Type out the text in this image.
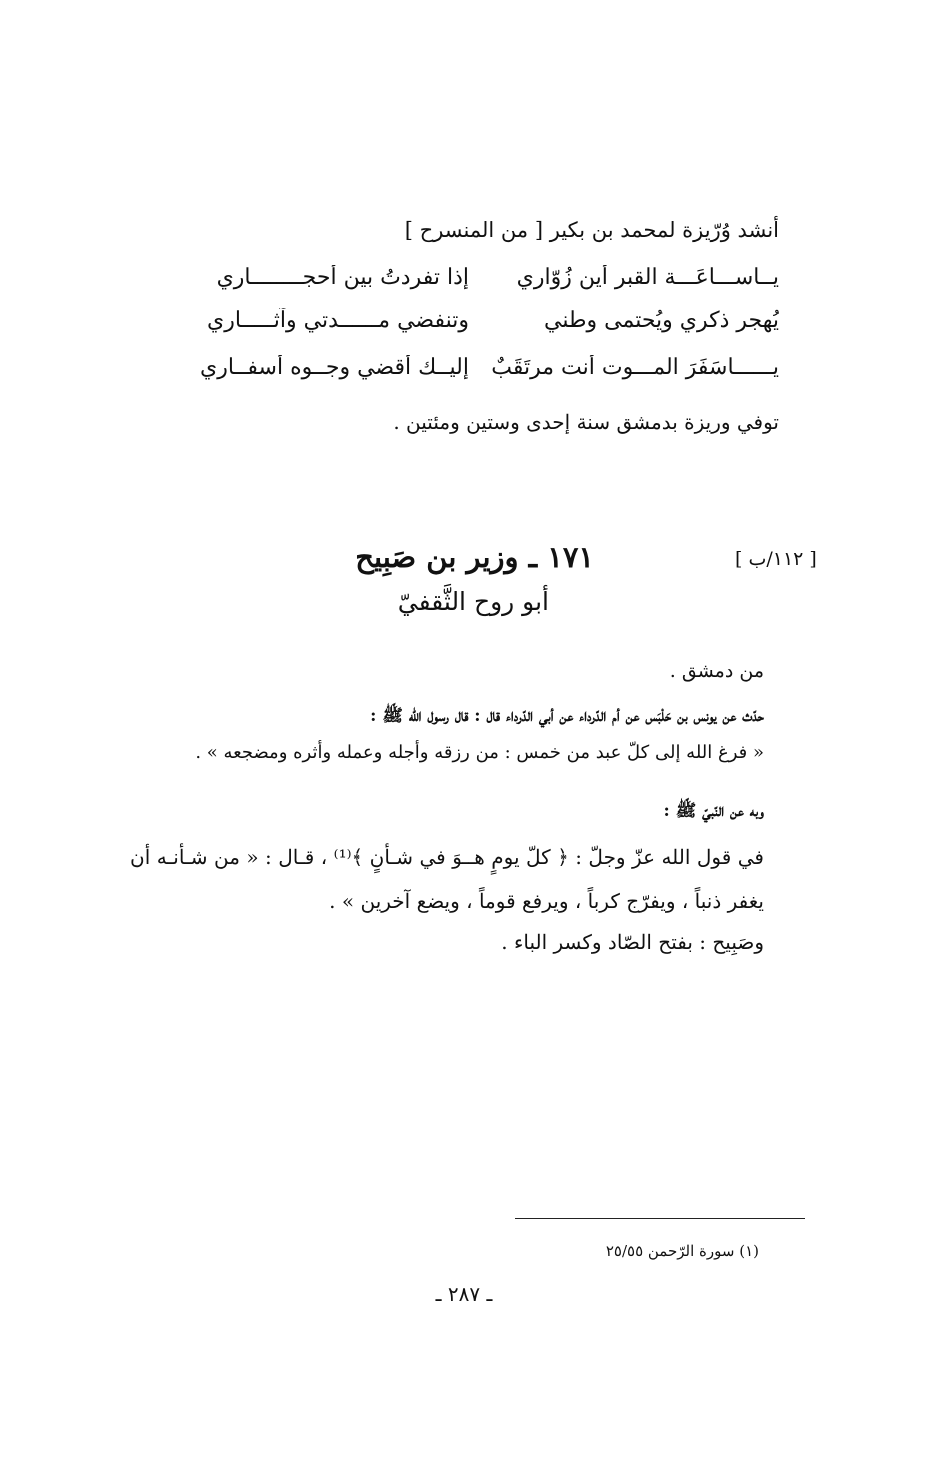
أنشد وُرّيزة لمحمد بن بكير [ من المنسرح ]
يــاســـاعَـــة القبرِ أين زُوّاري
إذا تفردتُ بين أحجــــــــاري
يُهجر ذكري ويُحتمى وطني
وتنفضي مــــــدتي وآثـــــاري
يــــــاسَفَرَ المـــوت أنت مرتَقَبٌ
إليــك أقضي وجــوه أسفــاري
توفي وريزة بدمشق سنة إحدى وستين ومئتين .
[ ١١٢/ب ]
١٧١ ـ وزير بن صَبِيح
أبو روح الثَّقفيّ
من دمشق .
حدّث عن يونس بن حَلْبَس عن أم الدّرداء عن أبي الدّرداء قال : قال رسول الله ﷺ :
« فرغ الله إلى كلّ عبد من خمس : من رزقه وأجله وعمله وأثره ومضجعه » .
وبه عن النّبيّ ﷺ :
في قول الله عزّ وجلّ : ﴿ كلّ يومٍ هــوَ في شـأنٍ ﴾⁽¹⁾ ، قـال : « من شـأنـه أن يغفر ذنباً ، ويفرّج كرباً ، ويرفع قوماً ، ويضع آخرين » .
وصَبِيح : بفتح الصّاد وكسر الباء .
(١) سورة الرّحمن ٢٥/٥٥
ـ ٢٨٧ ـ
